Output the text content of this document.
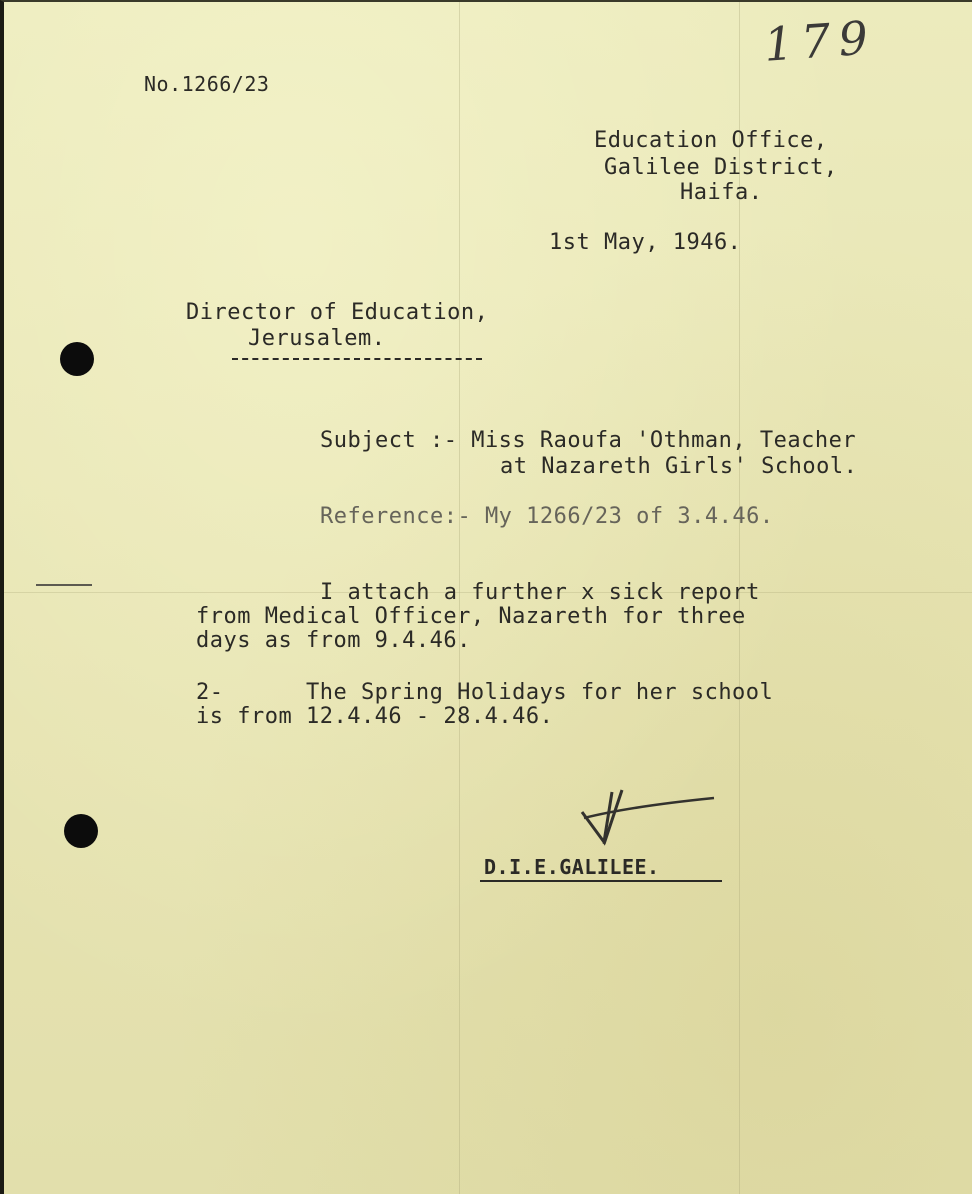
179
No.1266/23
Education Office,
Galilee District,
Haifa.
1st May, 1946.
Director of Education,
Jerusalem.
Subject :- Miss Raoufa 'Othman, Teacher
at Nazareth Girls' School.
Reference:- My 1266/23 of 3.4.46.
I attach a further x sick report
from Medical Officer, Nazareth for three
days as from 9.4.46.
2-      The Spring Holidays for her school
is from 12.4.46 - 28.4.46.
D.I.E.GALILEE.
